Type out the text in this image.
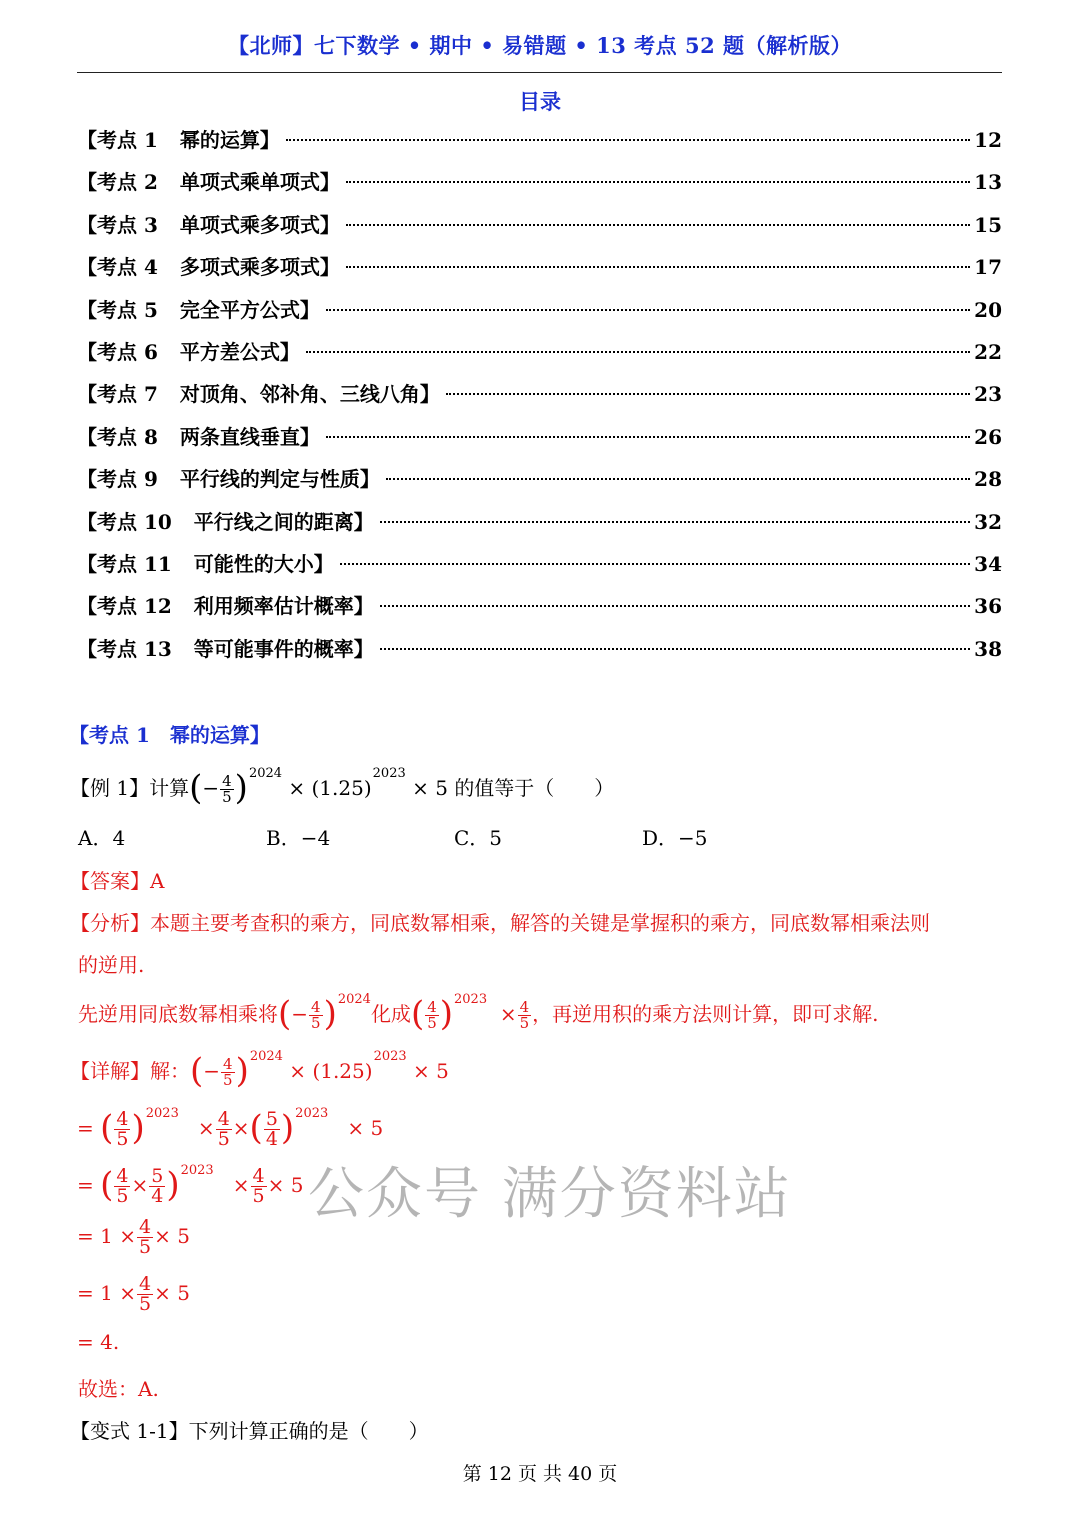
【北师】七下数学 • 期中 • 易错题 • 13 考点 52 题（解析版）
目录
【考点 1 幂的运算】	12
【考点 2 单项式乘单项式】	13
【考点 3 单项式乘多项式】	15
【考点 4 多项式乘多项式】	17
【考点 5 完全平方公式】	20
【考点 6 平方差公式】	22
【考点 7 对顶角、邻补角、三线八角】	23
【考点 8 两条直线垂直】	26
【考点 9 平行线的判定与性质】	28
【考点 10 平行线之间的距离】	32
【考点 11 可能性的大小】	34
【考点 12 利用频率估计概率】	36
【考点 13 等可能事件的概率】	38
【考点 1 幂的运算】
【例 1】计算(− $\frac{4}{5} )^{2024} \times (1.25)^{2023} \times 5$ 的值等于（　　）
A．4	B．−4	C．5	D．−5
【答案】A
【分析】本题主要考查积的乘方，同底数幂相乘，解答的关键是掌握积的乘方，同底数幂相乘法则
的逆用.
先逆用同底数幂相乘将(− $\frac{4}{5} )^{2024}$化成( $\frac{4}{5} )^{2023} \times \frac{4}{5}$ ，再逆用积的乘方法则计算，即可求解.
【详解】解：(− $\frac{4}{5} )^{2024} \times (1.25)^{2023} \times 5$
= ( $\frac{4}{5} )^{2023} \times \frac{4}{5}$ ×( $\frac{5}{4} )^{2023} \times 5$
= ( $\frac{4}{5} \times \frac{5}{4} )^{2023} \times \frac{4}{5} \times 5$
= $1 \times \frac{4}{5} \times 5$
= $1 \times \frac{4}{5} \times 5$
= 4.
故选：A.
【变式 1-1】下列计算正确的是（　　）
公众号 满分资料站
第 12 页 共 40 页
